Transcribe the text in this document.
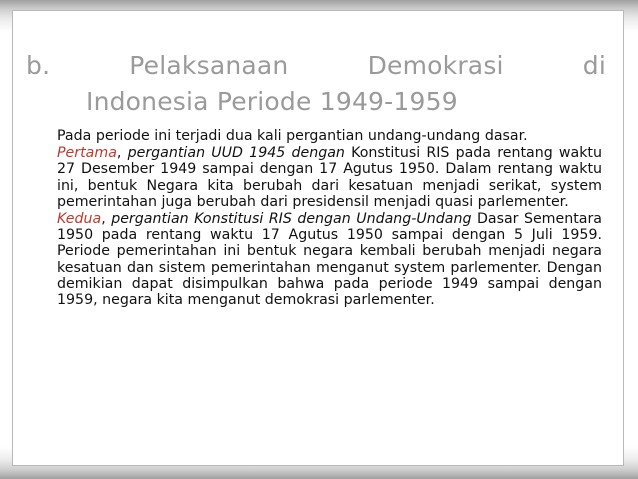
b.	Pelaksanaan	Demokrasi	di
Indonesia Periode 1949-1959

Pada periode ini terjadi dua kali pergantian undang-undang dasar.

Pertama, pergantian UUD 1945 dengan Konstitusi RIS pada rentang waktu 27 Desember 1949 sampai dengan 17 Agutus 1950. Dalam rentang waktu ini, bentuk Negara kita berubah dari kesatuan menjadi serikat, system pemerintahan juga berubah dari presidensil menjadi quasi parlementer.

Kedua, pergantian Konstitusi RIS dengan Undang-Undang Dasar Sementara 1950 pada rentang waktu 17 Agutus 1950 sampai dengan 5 Juli 1959. Periode pemerintahan ini bentuk negara kembali berubah menjadi negara kesatuan dan sistem pemerintahan menganut system parlementer. Dengan demikian dapat disimpulkan bahwa pada periode 1949 sampai dengan 1959, negara kita menganut demokrasi parlementer.
